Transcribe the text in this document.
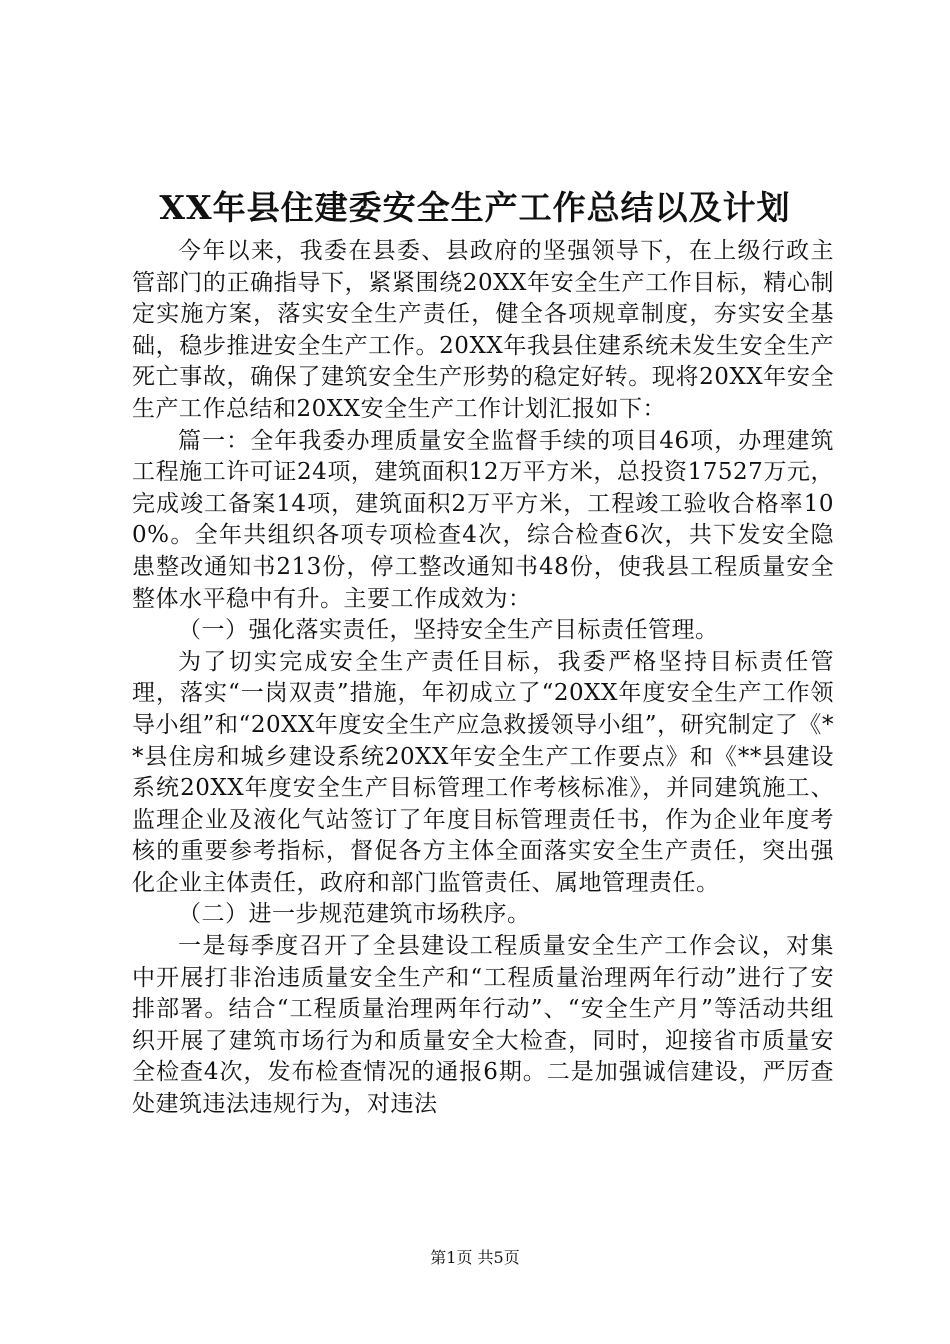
XX年县住建委安全生产工作总结以及计划

今年以来，我委在县委、县政府的坚强领导下，在上级行政主管部门的正确指导下，紧紧围绕20XX年安全生产工作目标，精心制定实施方案，落实安全生产责任，健全各项规章制度，夯实安全基础，稳步推进安全生产工作。20XX年我县住建系统未发生安全生产死亡事故，确保了建筑安全生产形势的稳定好转。现将20XX年安全生产工作总结和20XX安全生产工作计划汇报如下：

篇一：全年我委办理质量安全监督手续的项目46项，办理建筑工程施工许可证24项，建筑面积12万平方米，总投资17527万元，完成竣工备案14项，建筑面积2万平方米，工程竣工验收合格率100%。全年共组织各项专项检查4次，综合检查6次，共下发安全隐患整改通知书213份，停工整改通知书48份，使我县工程质量安全整体水平稳中有升。主要工作成效为：

（一）强化落实责任，坚持安全生产目标责任管理。

为了切实完成安全生产责任目标，我委严格坚持目标责任管理，落实“一岗双责”措施，年初成立了“20XX年度安全生产工作领导小组”和“20XX年度安全生产应急救援领导小组”，研究制定了《**县住房和城乡建设系统20XX年安全生产工作要点》和《**县建设系统20XX年度安全生产目标管理工作考核标准》，并同建筑施工、监理企业及液化气站签订了年度目标管理责任书，作为企业年度考核的重要参考指标，督促各方主体全面落实安全生产责任，突出强化企业主体责任，政府和部门监管责任、属地管理责任。

（二）进一步规范建筑市场秩序。

一是每季度召开了全县建设工程质量安全生产工作会议，对集中开展打非治违质量安全生产和“工程质量治理两年行动”进行了安排部署。结合“工程质量治理两年行动”、“安全生产月”等活动共组织开展了建筑市场行为和质量安全大检查，同时，迎接省市质量安全检查4次，发布检查情况的通报6期。二是加强诚信建设，严厉查处建筑违法违规行为，对违法

第1页 共5页
